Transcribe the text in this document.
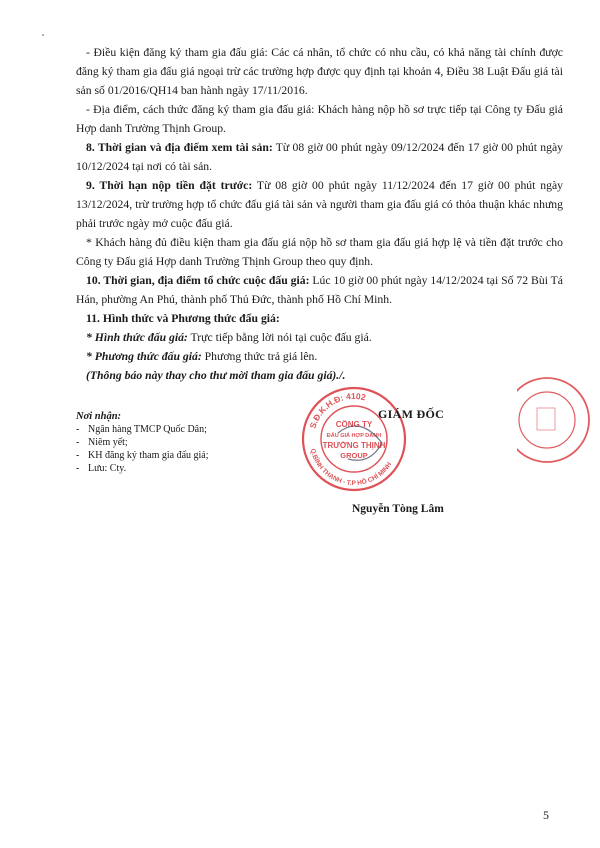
- Điều kiện đăng ký tham gia đấu giá: Các cá nhân, tổ chức có nhu cầu, có khả năng tài chính được đăng ký tham gia đấu giá ngoại trừ các trường hợp được quy định tại khoản 4, Điều 38 Luật Đấu giá tài sản số 01/2016/QH14 ban hành ngày 17/11/2016.

- Địa điểm, cách thức đăng ký tham gia đấu giá: Khách hàng nộp hồ sơ trực tiếp tại Công ty Đấu giá Hợp danh Trường Thịnh Group.

8. Thời gian và địa điểm xem tài sản: Từ 08 giờ 00 phút ngày 09/12/2024 đến 17 giờ 00 phút ngày 10/12/2024 tại nơi có tài sản.

9. Thời hạn nộp tiền đặt trước: Từ 08 giờ 00 phút ngày 11/12/2024 đến 17 giờ 00 phút ngày 13/12/2024, trừ trường hợp tổ chức đấu giá tài sản và người tham gia đấu giá có thỏa thuận khác nhưng phải trước ngày mở cuộc đấu giá.

* Khách hàng đủ điều kiện tham gia đấu giá nộp hồ sơ tham gia đấu giá hợp lệ và tiền đặt trước cho Công ty Đấu giá Hợp danh Trường Thịnh Group theo quy định.

10. Thời gian, địa điểm tổ chức cuộc đấu giá: Lúc 10 giờ 00 phút ngày 14/12/2024 tại Số 72 Bùi Tá Hán, phường An Phú, thành phố Thủ Đức, thành phố Hồ Chí Minh.

11. Hình thức và Phương thức đấu giá:

* Hình thức đấu giá: Trực tiếp bằng lời nói tại cuộc đấu giá.

* Phương thức đấu giá: Phương thức trả giá lên.

(Thông báo này thay cho thư mời tham gia đấu giá)./.

Nơi nhận:
- Ngân hàng TMCP Quốc Dân;
- Niêm yết;
- KH đăng ký tham gia đấu giá;
- Lưu: Cty.
S.Đ.K.H.Đ: 4102
Q.BÌNH THẠNH - T.P HỒ CHÍ MINH
CÔNG TY
ĐẤU GIÁ HỢP DANH
TRƯỜNG THỊNH
GROUP
GIÁM ĐỐC
Nguyễn Tòng Lâm
5
